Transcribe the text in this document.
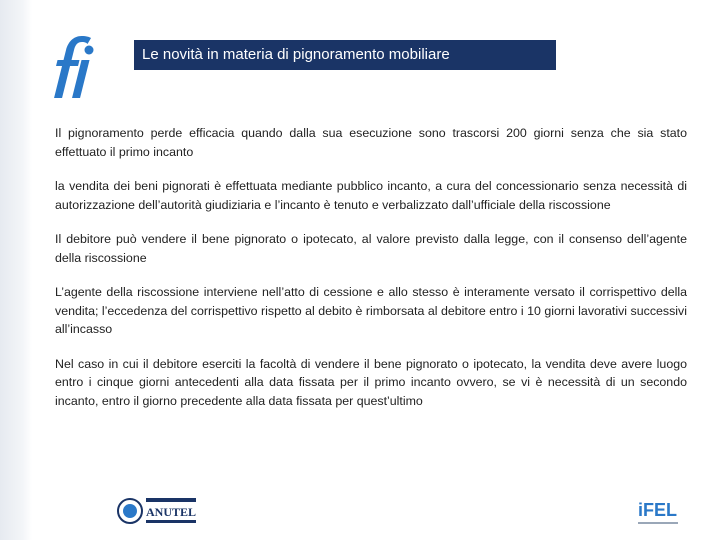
Le novità in materia di pignoramento mobiliare

Il pignoramento perde efficacia quando dalla sua esecuzione sono trascorsi 200 giorni senza che sia stato effettuato il primo incanto

la vendita dei beni pignorati è effettuata mediante pubblico incanto, a cura del concessionario senza necessità di autorizzazione dell’autorità giudiziaria e l’incanto è tenuto e verbalizzato dall’ufficiale della riscossione

Il debitore può vendere il bene pignorato o ipotecato, al valore previsto dalla legge, con il consenso dell’agente della riscossione

L’agente della riscossione interviene nell’atto di cessione e allo stesso è interamente versato il corrispettivo della vendita; l’eccedenza del corrispettivo rispetto al debito è rimborsata al debitore entro i 10 giorni lavorativi successivi all’incasso

Nel caso in cui il debitore eserciti la facoltà di vendere il bene pignorato o ipotecato, la vendita deve avere luogo entro i cinque giorni antecedenti alla data fissata per il primo incanto ovvero, se vi è necessità di un secondo incanto, entro il giorno precedente alla data fissata per quest’ultimo

ANUTEL	iFEL
